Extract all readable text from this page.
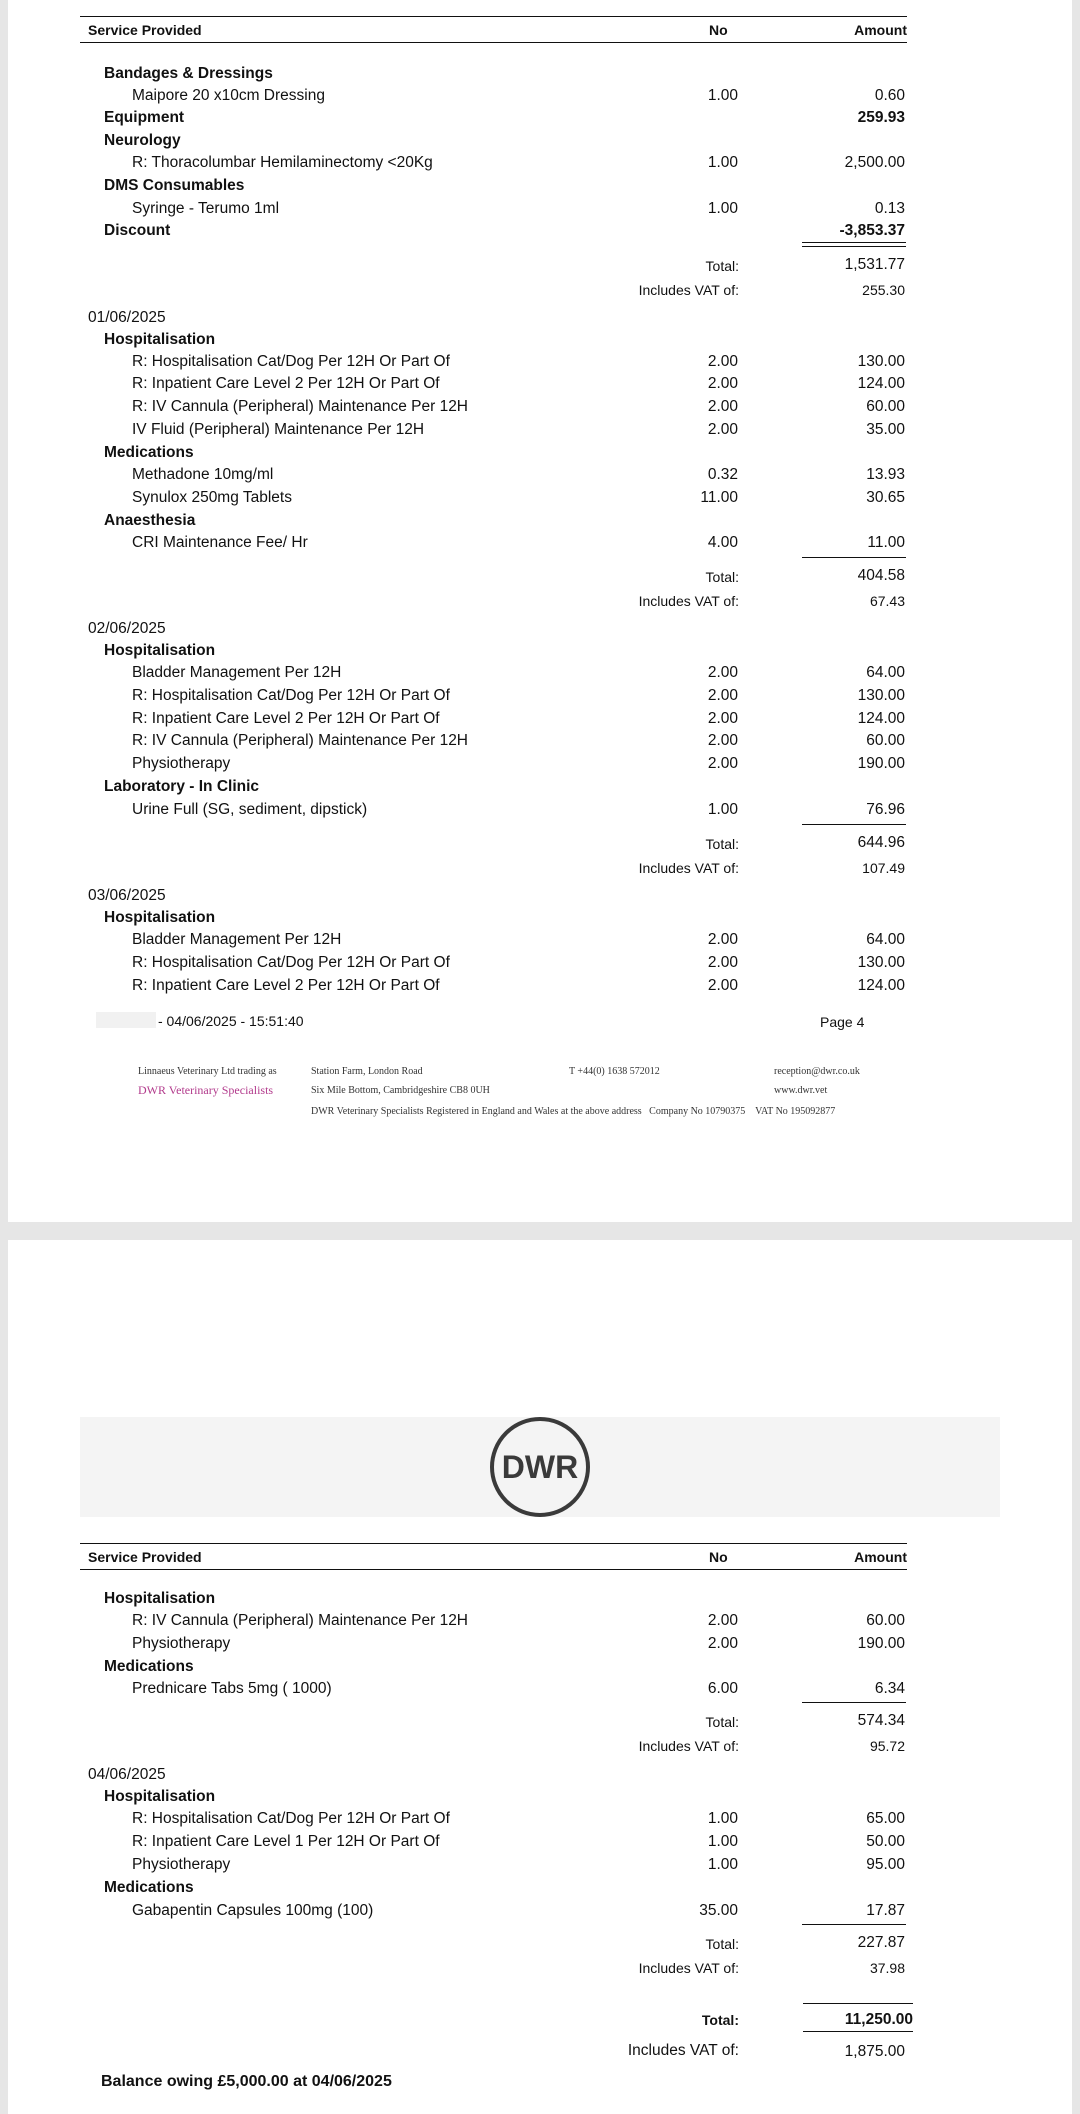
DWR
Service Provided	No	Amount
Service Provided	No	Amount
Bandages & Dressings
Maipore 20 x10cm Dressing	1.00	0.60
Equipment	259.93
Neurology
R: Thoracolumbar Hemilaminectomy <20Kg	1.00	2,500.00
DMS Consumables
Syringe - Terumo 1ml	1.00	0.13
Discount	-3,853.37
Total:	1,531.77
Includes VAT of:	255.30
01/06/2025
Hospitalisation
R: Hospitalisation Cat/Dog Per 12H Or Part Of	2.00	130.00
R: Inpatient Care Level 2 Per 12H Or Part Of	2.00	124.00
R: IV Cannula (Peripheral) Maintenance Per 12H	2.00	60.00
IV Fluid (Peripheral) Maintenance Per 12H	2.00	35.00
Medications
Methadone 10mg/ml	0.32	13.93
Synulox 250mg Tablets	11.00	30.65
Anaesthesia
CRI Maintenance Fee/ Hr	4.00	11.00
Total:	404.58
Includes VAT of:	67.43
02/06/2025
Hospitalisation
Bladder Management Per 12H	2.00	64.00
R: Hospitalisation Cat/Dog Per 12H Or Part Of	2.00	130.00
R: Inpatient Care Level 2 Per 12H Or Part Of	2.00	124.00
R: IV Cannula (Peripheral) Maintenance Per 12H	2.00	60.00
Physiotherapy	2.00	190.00
Laboratory - In Clinic
Urine Full (SG, sediment, dipstick)	1.00	76.96
Total:	644.96
Includes VAT of:	107.49
03/06/2025
Hospitalisation
Bladder Management Per 12H	2.00	64.00
R: Hospitalisation Cat/Dog Per 12H Or Part Of	2.00	130.00
R: Inpatient Care Level 2 Per 12H Or Part Of	2.00	124.00
Hospitalisation
R: IV Cannula (Peripheral) Maintenance Per 12H	2.00	60.00
Physiotherapy	2.00	190.00
Medications
Prednicare Tabs 5mg ( 1000)	6.00	6.34
Total:	574.34
Includes VAT of:	95.72
04/06/2025
Hospitalisation
R: Hospitalisation Cat/Dog Per 12H Or Part Of	1.00	65.00
R: Inpatient Care Level 1 Per 12H Or Part Of	1.00	50.00
Physiotherapy	1.00	95.00
Medications
Gabapentin Capsules 100mg (100)	35.00	17.87
Total:	227.87
Includes VAT of:	37.98
- 04/06/2025 - 15:51:40	Page 4
Linnaeus Veterinary Ltd trading as
DWR Veterinary Specialists
Station Farm, London Road
Six Mile Bottom, Cambridgeshire CB8 0UH
T +44(0) 1638 572012	reception@dwr.co.uk
www.dwr.vet
DWR Veterinary Specialists Registered in England and Wales at the above address   Company No 10790375    VAT No 195092877
Total:	11,250.00
Includes VAT of:	1,875.00
Balance owing £5,000.00 at 04/06/2025
